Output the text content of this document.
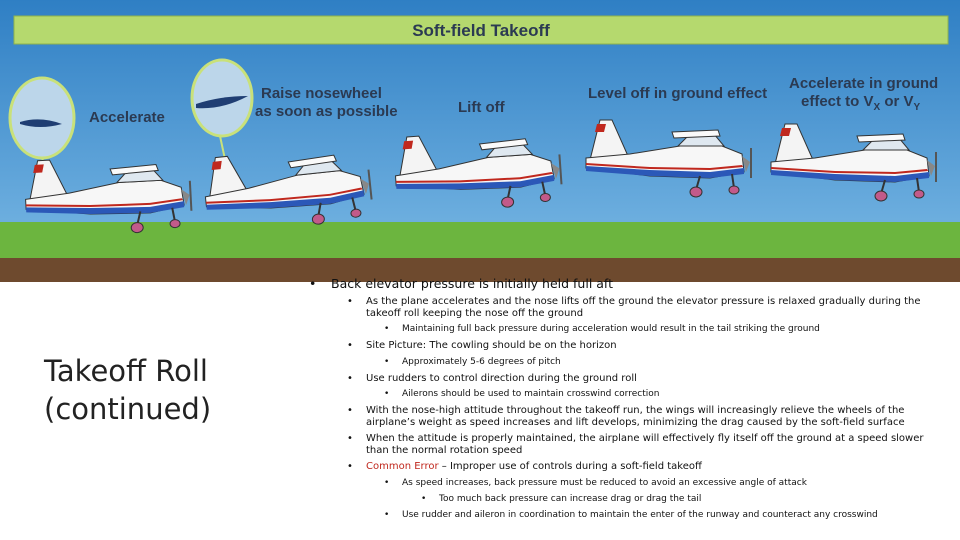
Soft-field Takeoff
Accelerate
Raise nosewheel
as soon as possible	Lift off
Level off in ground effect
Accelerate in ground
effect to $V_X$ or $V_Y$
Takeoff Roll
(continued)
• Back elevator pressure is initially held full aft
• As the plane accelerates and the nose lifts off the ground the elevator pressure is relaxed gradually during the takeoff roll keeping the nose off the ground
• Maintaining full back pressure during acceleration would result in the tail striking the ground
• Site Picture: The cowling should be on the horizon
• Approximately 5-6 degrees of pitch
• Use rudders to control direction during the ground roll
• Ailerons should be used to maintain crosswind correction
• With the nose-high attitude throughout the takeoff run, the wings will increasingly relieve the wheels of the airplane’s weight as speed increases and lift develops, minimizing the drag caused by the soft-field surface
• When the attitude is properly maintained, the airplane will effectively fly itself off the ground at a speed slower than the normal rotation speed
• Common Error – Improper use of controls during a soft-field takeoff
• As speed increases, back pressure must be reduced to avoid an excessive angle of attack
• Too much back pressure can increase drag or drag the tail
• Use rudder and aileron in coordination to maintain the enter of the runway and counteract any crosswind
